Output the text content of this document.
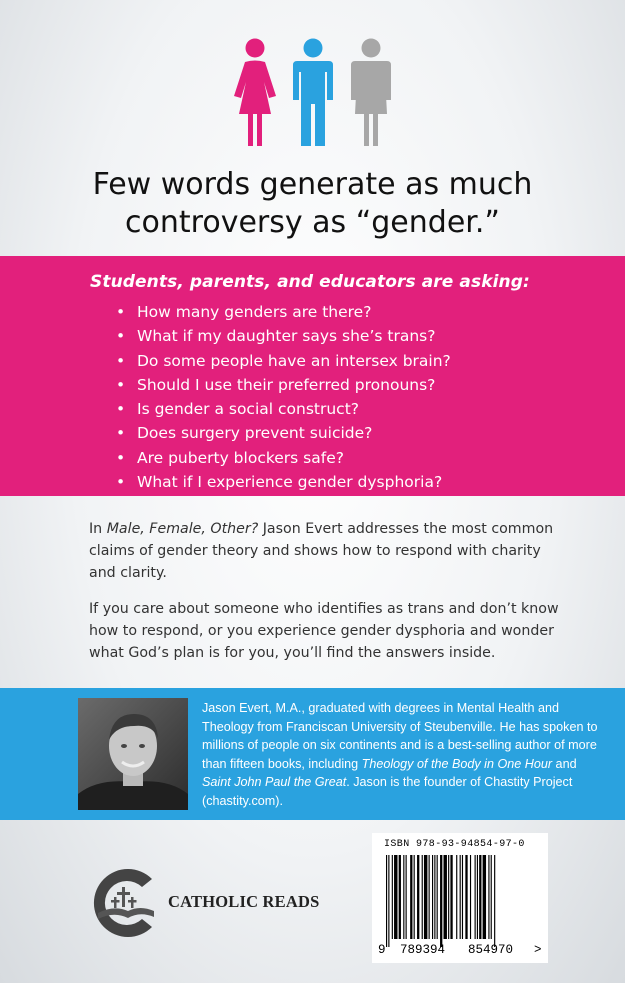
Few words generate as much
controversy as “gender.”
Students, parents, and educators are asking:
• How many genders are there?
• What if my daughter says she’s trans?
• Do some people have an intersex brain?
• Should I use their preferred pronouns?
• Is gender a social construct?
• Does surgery prevent suicide?
• Are puberty blockers safe?
• What if I experience gender dysphoria?

In Male, Female, Other? Jason Evert addresses the most common claims of gender theory and shows how to respond with charity and clarity.

If you care about someone who identifies as trans and don’t know how to respond, or you experience gender dysphoria and wonder what God’s plan is for you, you’ll find the answers inside.

Jason Evert, M.A., graduated with degrees in Mental Health and Theology from Franciscan University of Steubenville. He has spoken to millions of people on six continents and is a best-selling author of more than fifteen books, including Theology of the Body in One Hour and Saint John Paul the Great. Jason is the founder of Chastity Project (chastity.com).

CATHOLIC READS
ISBN 978-93-94854-97-0
9 789394 854970 >
